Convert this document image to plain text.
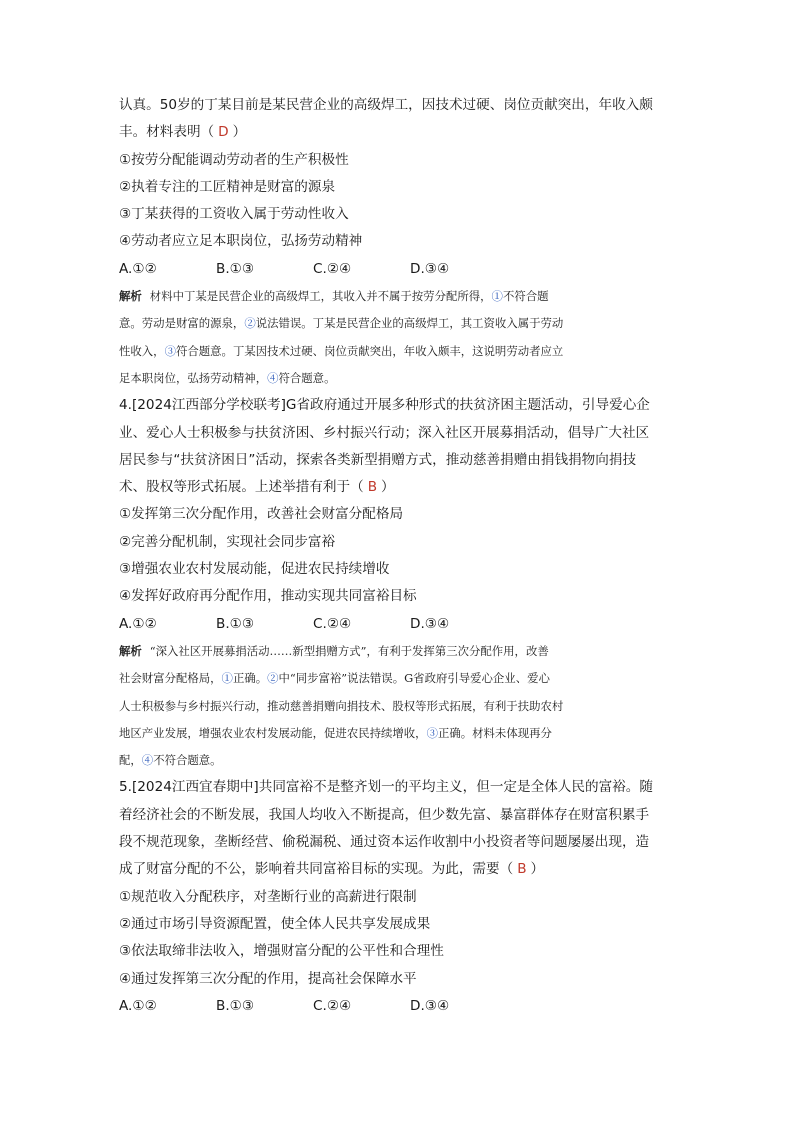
认真。50岁的丁某目前是某民营企业的高级焊工，因技术过硬、岗位贡献突出，年收入颇
丰。材料表明（ D ）
①按劳分配能调动劳动者的生产积极性
②执着专注的工匠精神是财富的源泉
③丁某获得的工资收入属于劳动性收入
④劳动者应立足本职岗位，弘扬劳动精神
A.①②	B.①③	C.②④	D.③④
解析 材料中丁某是民营企业的高级焊工，其收入并不属于按劳分配所得，①不符合题
意。劳动是财富的源泉，②说法错误。丁某是民营企业的高级焊工，其工资收入属于劳动
性收入，③符合题意。丁某因技术过硬、岗位贡献突出，年收入颇丰，这说明劳动者应立
足本职岗位，弘扬劳动精神，④符合题意。
4.[2024江西部分学校联考]G省政府通过开展多种形式的扶贫济困主题活动，引导爱心企
业、爱心人士积极参与扶贫济困、乡村振兴行动；深入社区开展募捐活动，倡导广大社区
居民参与“扶贫济困日”活动，探索各类新型捐赠方式，推动慈善捐赠由捐钱捐物向捐技
术、股权等形式拓展。上述举措有利于（ B ）
①发挥第三次分配作用，改善社会财富分配格局
②完善分配机制，实现社会同步富裕
③增强农业农村发展动能，促进农民持续增收
④发挥好政府再分配作用，推动实现共同富裕目标
A.①②	B.①③	C.②④	D.③④
解析 “深入社区开展募捐活动……新型捐赠方式”，有利于发挥第三次分配作用，改善
社会财富分配格局，①正确。②中“同步富裕”说法错误。G省政府引导爱心企业、爱心
人士积极参与乡村振兴行动，推动慈善捐赠向捐技术、股权等形式拓展，有利于扶助农村
地区产业发展，增强农业农村发展动能，促进农民持续增收，③正确。材料未体现再分
配，④不符合题意。
5.[2024江西宜春期中]共同富裕不是整齐划一的平均主义，但一定是全体人民的富裕。随
着经济社会的不断发展，我国人均收入不断提高，但少数先富、暴富群体存在财富积累手
段不规范现象，垄断经营、偷税漏税、通过资本运作收割中小投资者等问题屡屡出现，造
成了财富分配的不公，影响着共同富裕目标的实现。为此，需要（ B ）
①规范收入分配秩序，对垄断行业的高薪进行限制
②通过市场引导资源配置，使全体人民共享发展成果
③依法取缔非法收入，增强财富分配的公平性和合理性
④通过发挥第三次分配的作用，提高社会保障水平
A.①②	B.①③	C.②④	D.③④
